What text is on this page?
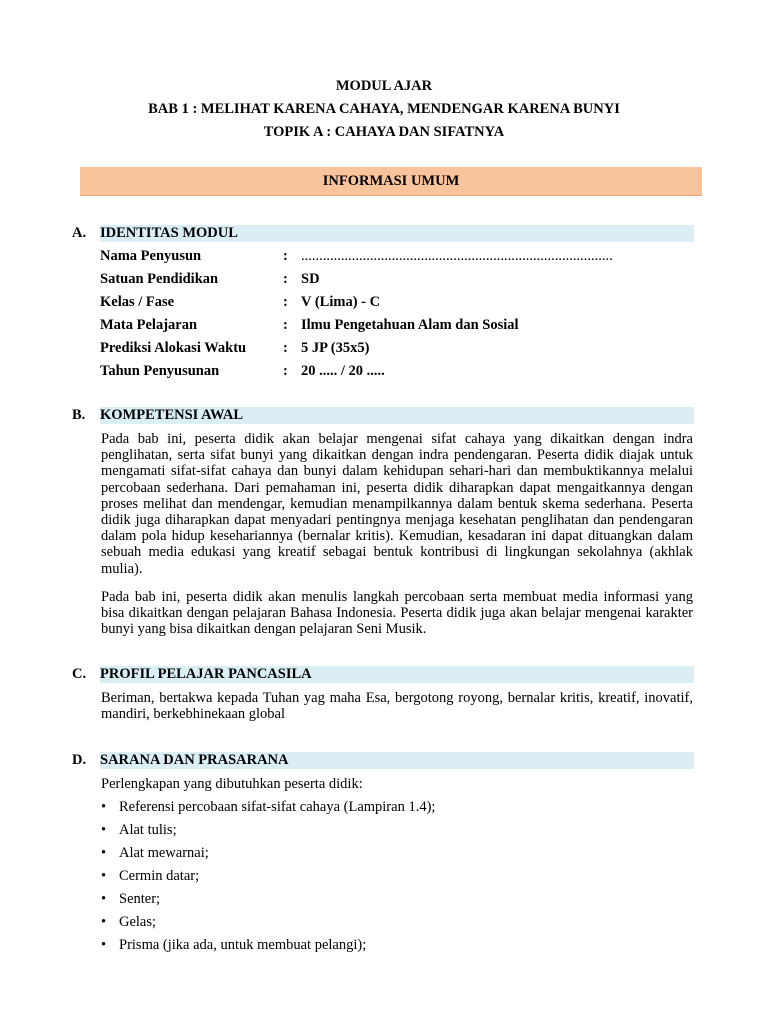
MODUL AJAR
BAB 1 : MELIHAT KARENA CAHAYA, MENDENGAR KARENA BUNYI
TOPIK A : CAHAYA DAN SIFATNYA
INFORMASI UMUM
A. IDENTITAS MODUL
Nama Penyusun	: ......................................................................................
Satuan Pendidikan	: SD
Kelas / Fase	: V (Lima) - C
Mata Pelajaran	: Ilmu Pengetahuan Alam dan Sosial
Prediksi Alokasi Waktu	: 5 JP (35x5)
Tahun Penyusunan	: 20 ..... / 20 .....
B. KOMPETENSI AWAL

Pada bab ini, peserta didik akan belajar mengenai sifat cahaya yang dikaitkan dengan indra penglihatan, serta sifat bunyi yang dikaitkan dengan indra pendengaran. Peserta didik diajak untuk mengamati sifat-sifat cahaya dan bunyi dalam kehidupan sehari-hari dan membuktikannya melalui percobaan sederhana. Dari pemahaman ini, peserta didik diharapkan dapat mengaitkannya dengan proses melihat dan mendengar, kemudian menampilkannya dalam bentuk skema sederhana. Peserta didik juga diharapkan dapat menyadari pentingnya menjaga kesehatan penglihatan dan pendengaran dalam pola hidup kesehariannya (bernalar kritis). Kemudian, kesadaran ini dapat dituangkan dalam sebuah media edukasi yang kreatif sebagai bentuk kontribusi di lingkungan sekolahnya (akhlak mulia).

Pada bab ini, peserta didik akan menulis langkah percobaan serta membuat media informasi yang bisa dikaitkan dengan pelajaran Bahasa Indonesia. Peserta didik juga akan belajar mengenai karakter bunyi yang bisa dikaitkan dengan pelajaran Seni Musik.

C. PROFIL PELAJAR PANCASILA

Beriman, bertakwa kepada Tuhan yag maha Esa, bergotong royong, bernalar kritis, kreatif, inovatif, mandiri, berkebhinekaan global

D. SARANA DAN PRASARANA

Perlengkapan yang dibutuhkan peserta didik:

• Referensi percobaan sifat-sifat cahaya (Lampiran 1.4);
• Alat tulis;
• Alat mewarnai;
• Cermin datar;
• Senter;
• Gelas;
• Prisma (jika ada, untuk membuat pelangi);
